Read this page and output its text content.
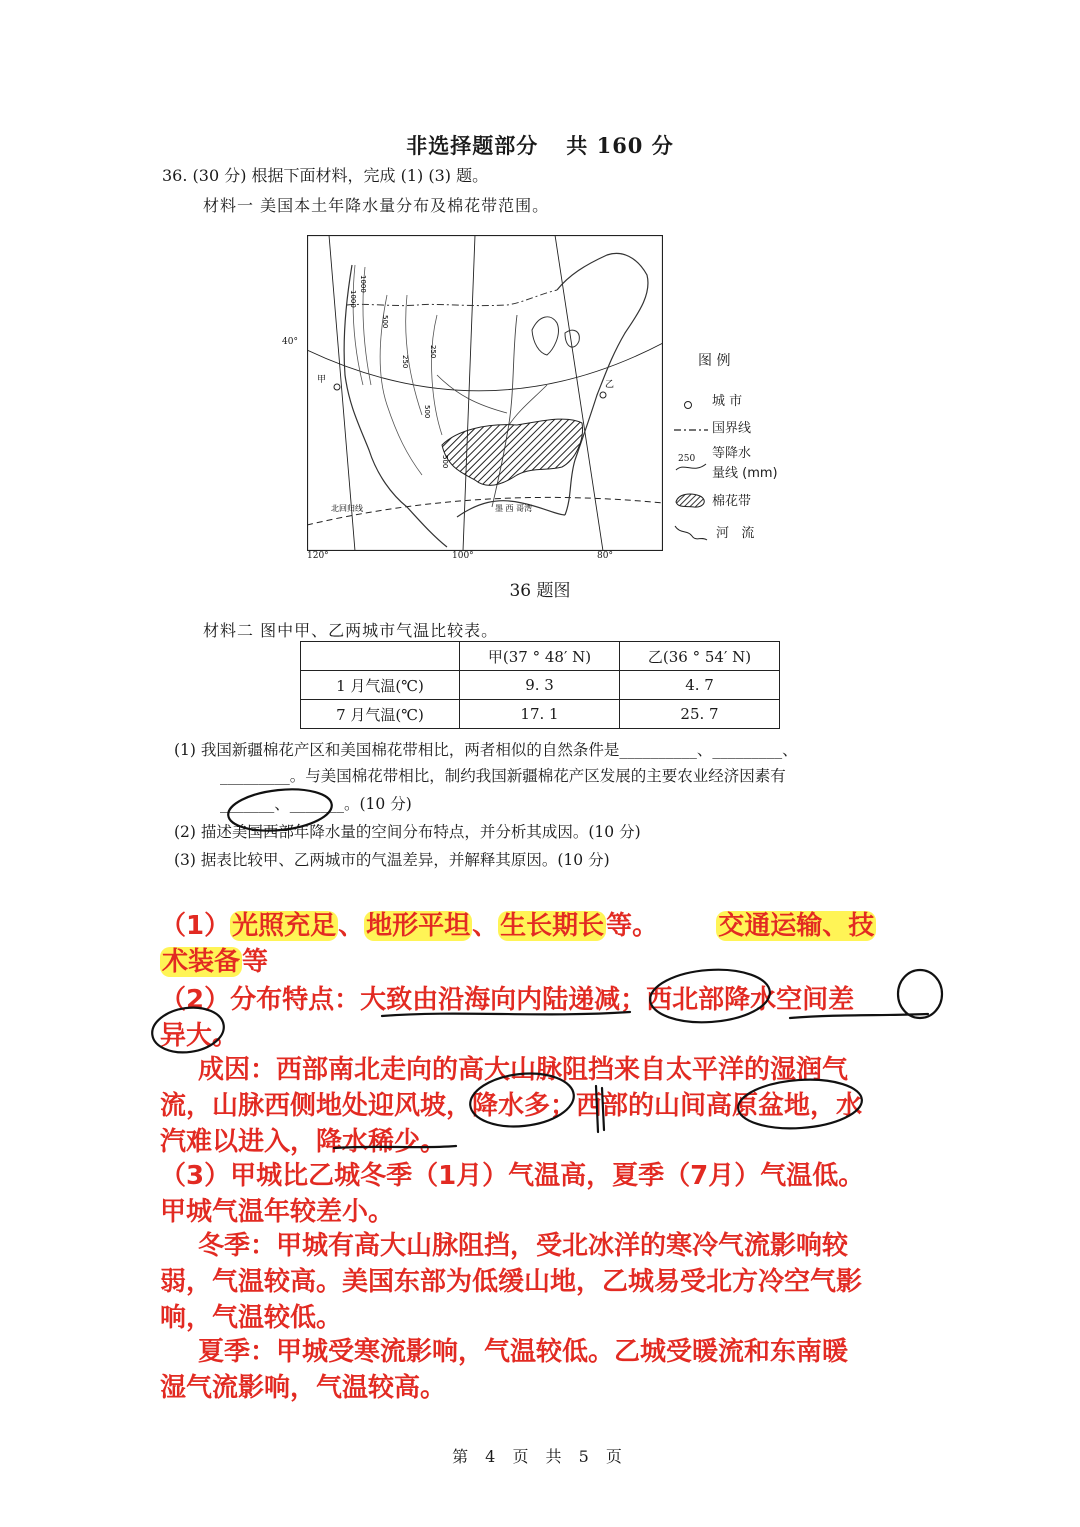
非选择题部分 共 160 分
36. (30 分) 根据下面材料，完成 (1) (3) 题。
材料一 美国本土年降水量分布及棉花带范围。
甲	乙
北回归线	墨 西 哥湾
1000
1000
500
500
250
250
500
40°
120°	100°	80°
图 例
城 市
国界线
250 等降水
量线 (mm)
棉花带
河   流
36 题图
材料二 图中甲、乙两城市气温比较表。
	甲(37 ° 48′ N)	乙(36 ° 54′ N)
1 月气温(℃)	9. 3	4. 7
7 月气温(℃)	17. 1	25. 7
(1) 我国新疆棉花产区和美国棉花带相比，两者相似的自然条件是__________、_________、
_________。与美国棉花带相比，制约我国新疆棉花产区发展的主要农业经济因素有
_______、_______。(10 分)
(2) 描述美国西部年降水量的空间分布特点，并分析其成因。(10 分)
(3) 据表比较甲、乙两城市的气温差异，并解释其原因。(10 分)
（1）光照充足、地形平坦、生长期长等。 交通运输、技
术装备等
（2）分布特点：大致由沿海向内陆递减；西北部降水空间差
异大。
成因：西部南北走向的高大山脉阻挡来自太平洋的湿润气
流，山脉西侧地处迎风坡，降水多；西部的山间高原盆地，水
汽难以进入，降水稀少。
（3）甲城比乙城冬季（1月）气温高，夏季（7月）气温低。
甲城气温年较差小。
冬季：甲城有高大山脉阻挡，受北冰洋的寒冷气流影响较
弱，气温较高。美国东部为低缓山地，乙城易受北方冷空气影
响，气温较低。
夏季：甲城受寒流影响，气温较低。乙城受暖流和东南暖
湿气流影响，气温较高。
第 4 页 共 5 页
